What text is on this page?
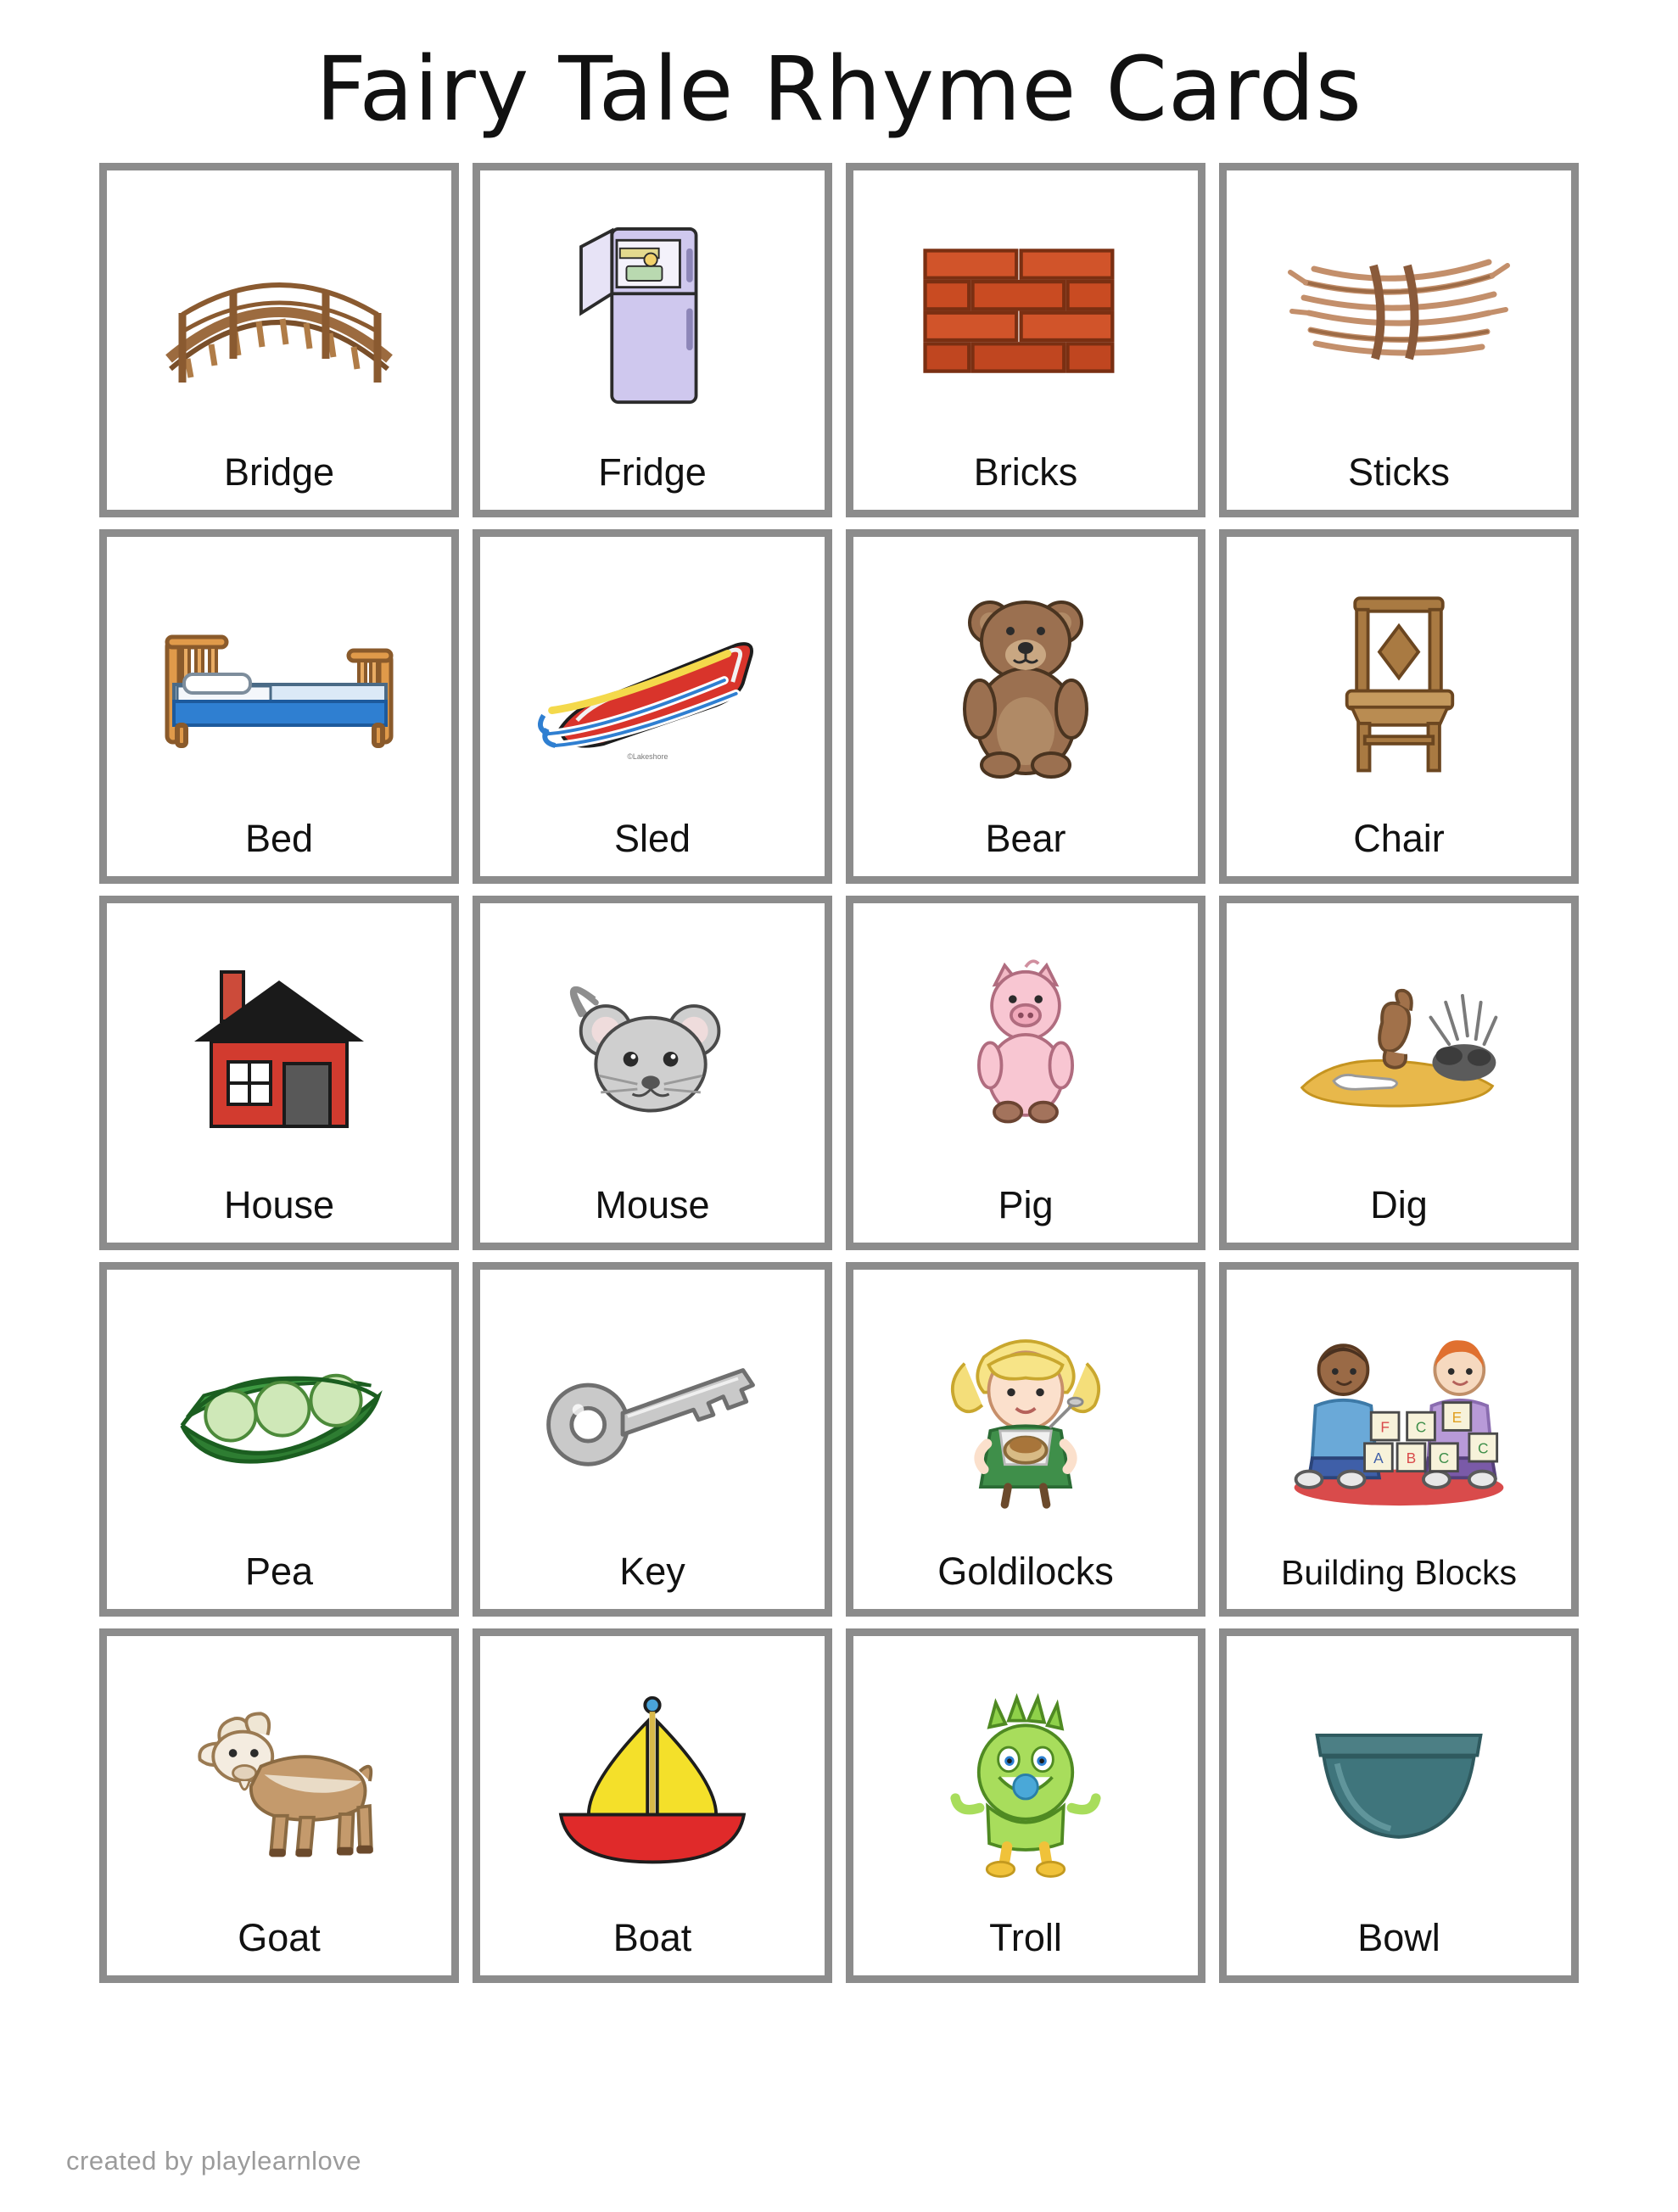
Fairy Tale Rhyme Cards
Bridge	Fridge	Bricks	Sticks
Bed
©Lakeshore
Sled	Bear	Chair
House	Mouse	Pig	Dig
Pea	Key	Goldilocks
F C
E
A B C
C
Building Blocks
Goat	Boat	Troll	Bowl
created by playlearnlove
